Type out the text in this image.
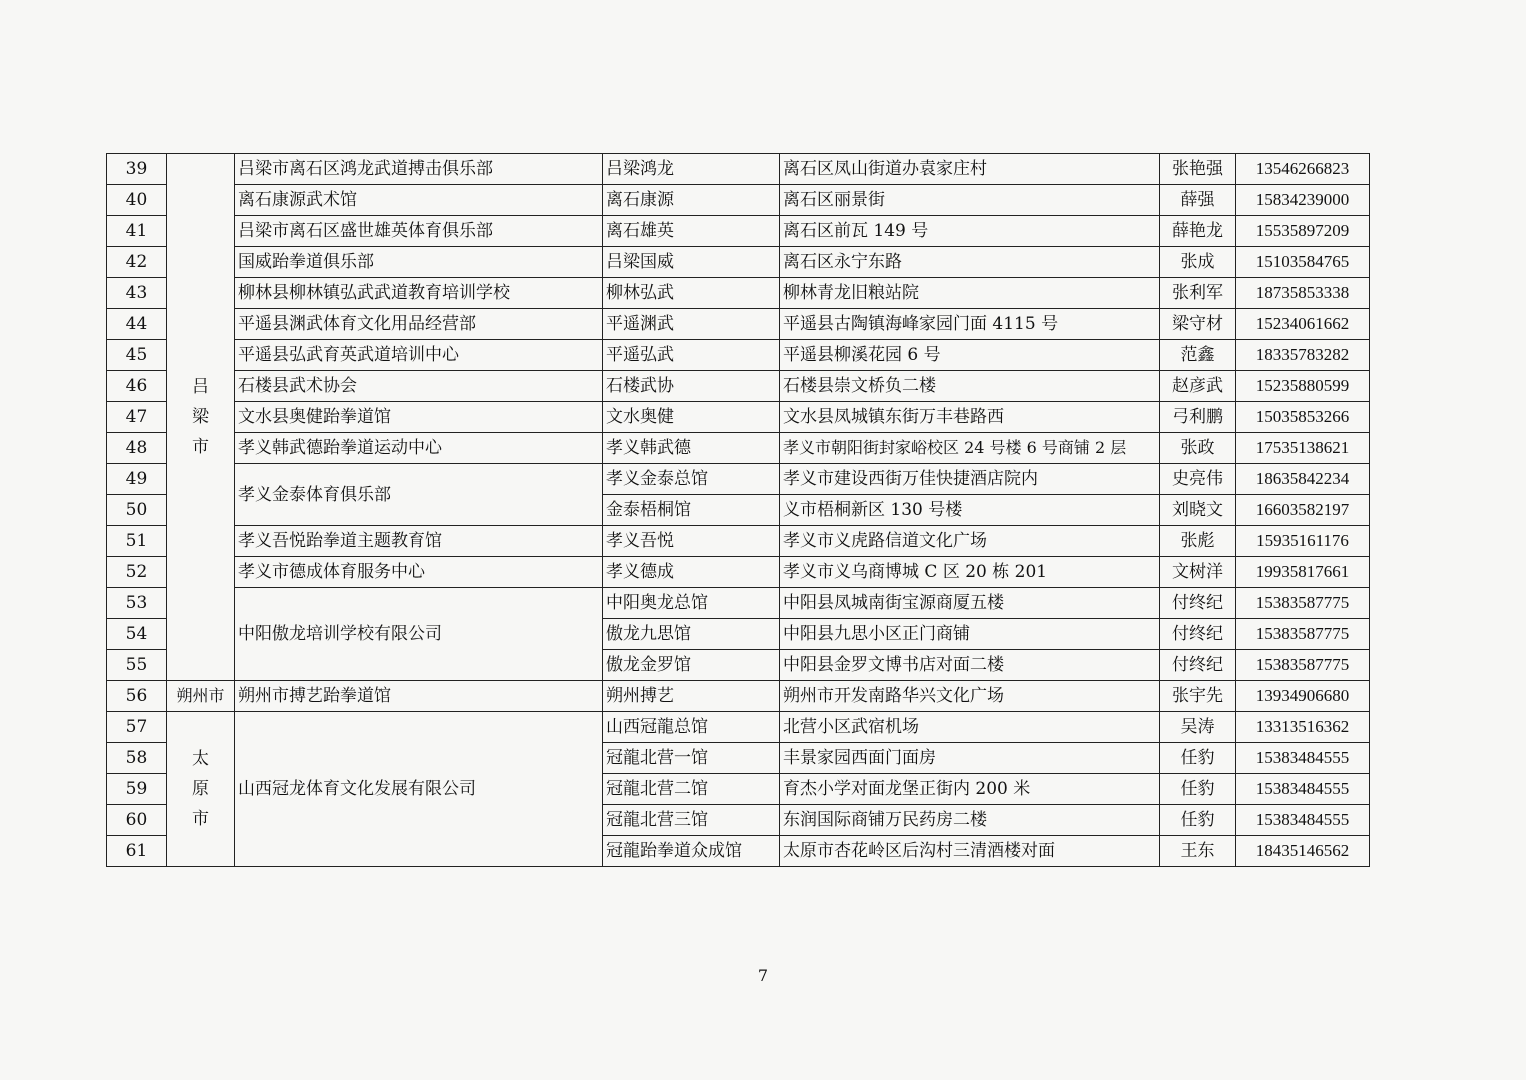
39	吕梁市	吕梁市离石区鸿龙武道搏击俱乐部	吕梁鸿龙	离石区凤山街道办袁家庄村	张艳强	13546266823
40		离石康源武术馆	离石康源	离石区丽景街	薛强	15834239000
41		吕梁市离石区盛世雄英体育俱乐部	离石雄英	离石区前瓦 149 号	薛艳龙	15535897209
42		国威跆拳道俱乐部	吕梁国威	离石区永宁东路	张成	15103584765
43		柳林县柳林镇弘武武道教育培训学校	柳林弘武	柳林青龙旧粮站院	张利军	18735853338
44		平遥县渊武体育文化用品经营部	平遥渊武	平遥县古陶镇海峰家园门面 4115 号	梁守材	15234061662
45		平遥县弘武育英武道培训中心	平遥弘武	平遥县柳溪花园 6 号	范鑫	18335783282
46		石楼县武术协会	石楼武协	石楼县崇文桥负二楼	赵彦武	15235880599
47		文水县奥健跆拳道馆	文水奥健	文水县凤城镇东街万丰巷路西	弓利鹏	15035853266
48		孝义韩武德跆拳道运动中心	孝义韩武德	孝义市朝阳街封家峪校区 24 号楼 6 号商铺 2 层	张政	17535138621
49		孝义金泰体育俱乐部	孝义金泰总馆	孝义市建设西街万佳快捷酒店院内	史亮伟	18635842234
50			金泰梧桐馆	义市梧桐新区 130 号楼	刘晓文	16603582197
51		孝义吾悦跆拳道主题教育馆	孝义吾悦	孝义市义虎路信道文化广场	张彪	15935161176
52		孝义市德成体育服务中心	孝义德成	孝义市义乌商博城 C 区 20 栋 201	文树洋	19935817661
53		中阳傲龙培训学校有限公司	中阳奥龙总馆	中阳县凤城南街宝源商厦五楼	付终纪	15383587775
54			傲龙九思馆	中阳县九思小区正门商铺	付终纪	15383587775
55			傲龙金罗馆	中阳县金罗文博书店对面二楼	付终纪	15383587775
56	朔州市	朔州市搏艺跆拳道馆	朔州搏艺	朔州市开发南路华兴文化广场	张宇先	13934906680
57	太原市	山西冠龙体育文化发展有限公司	山西冠龍总馆	北营小区武宿机场	吴涛	13313516362
58			冠龍北营一馆	丰景家园西面门面房	任豹	15383484555
59			冠龍北营二馆	育杰小学对面龙堡正街内 200 米	任豹	15383484555
60			冠龍北营三馆	东润国际商铺万民药房二楼	任豹	15383484555
61			冠龍跆拳道众成馆	太原市杏花岭区后沟村三清酒楼对面	王东	18435146562
7
